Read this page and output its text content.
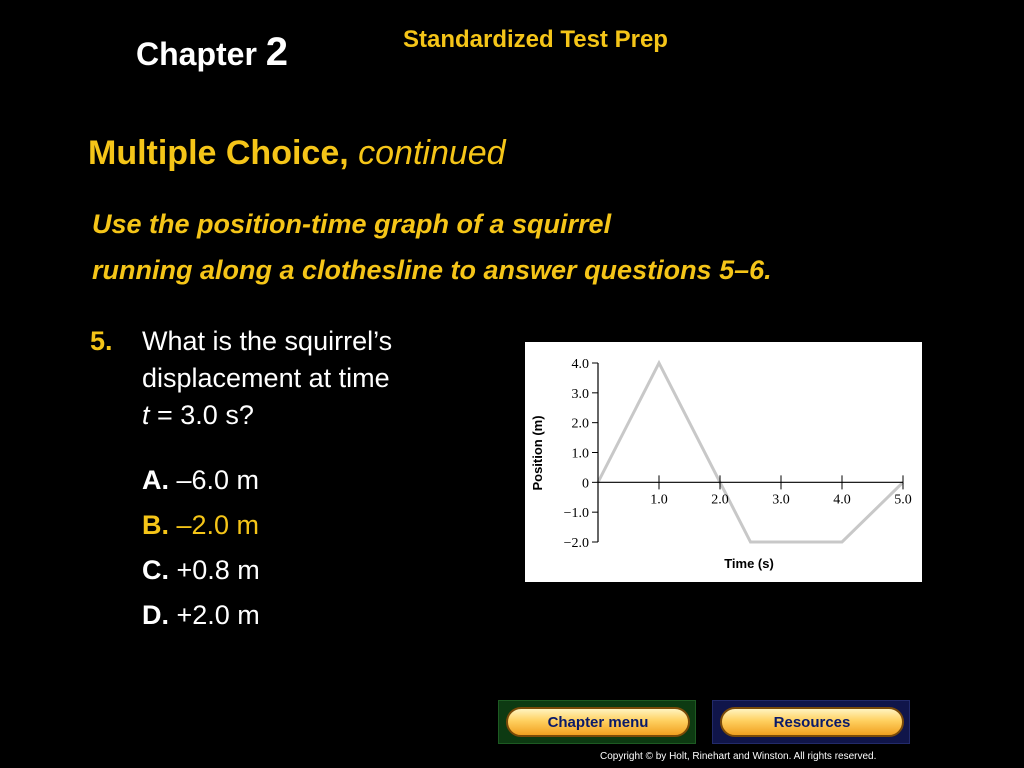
Chapter 2	Standardized Test Prep
Multiple Choice, continued
Use the position-time graph of a squirrel
running along a clothesline to answer questions 5–6.
5. What is the squirrel’s
displacement at time
t = 3.0 s?
A. –6.0 m
B. –2.0 m
C. +0.8 m
D. +2.0 m
4.0
3.0
2.0
1.0
0
−1.0
−2.0
1.0	2.0	3.0	4.0	5.0
Time (s)
Position (m)
Chapter menu	Resources
Copyright © by Holt, Rinehart and Winston. All rights reserved.
